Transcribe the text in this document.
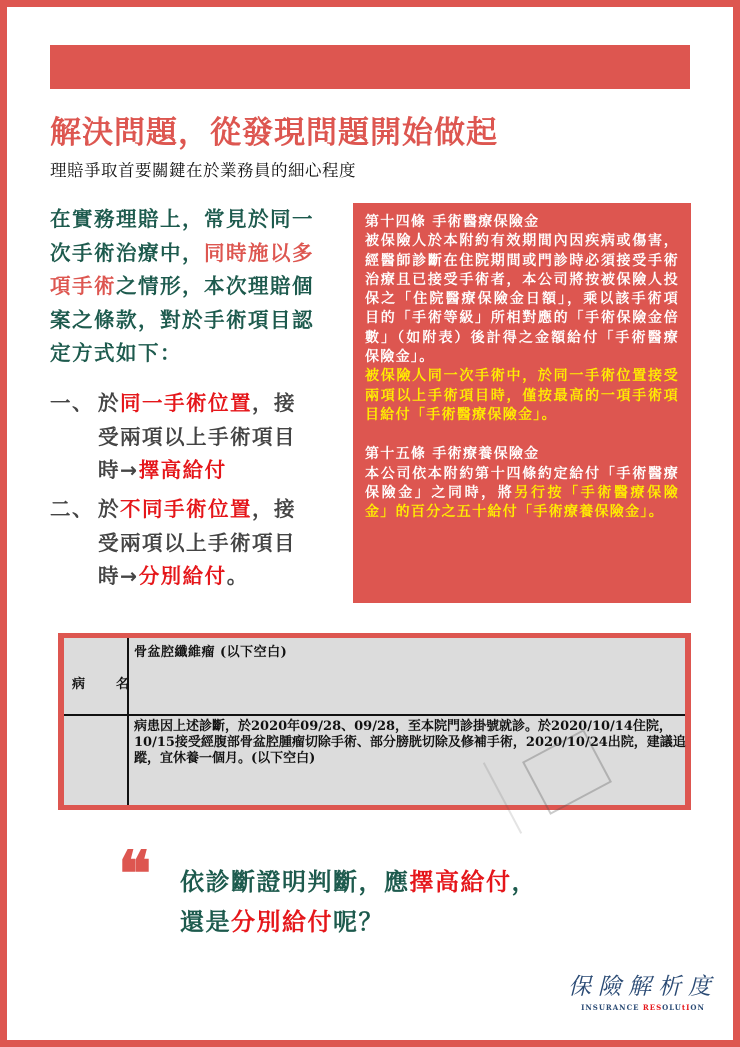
解決問題，從發現問題開始做起
理賠爭取首要關鍵在於業務員的細心程度
在實務理賠上，常見於同一次手術治療中，同時施以多項手術之情形，本次理賠個案之條款，對於手術項目認定方式如下：
一、 於同一手術位置，接
受兩項以上手術項目
時→擇高給付
二、 於不同手術位置，接
受兩項以上手術項目
時→分別給付。
第十四條 手術醫療保險金
被保險人於本附約有效期間內因疾病或傷害，經醫師診斷在住院期間或門診時必須接受手術治療且已接受手術者，本公司將按被保險人投保之「住院醫療保險金日額」，乘以該手術項目的「手術等級」所相對應的「手術保險金倍數」（如附表）後計得之金額給付「手術醫療保險金」。
被保險人同一次手術中，於同一手術位置接受兩項以上手術項目時，僅按最高的一項手術項目給付「手術醫療保險金」。
第十五條 手術療養保險金
本公司依本附約第十四條約定給付「手術醫療保險金」之同時，將另行按「手術醫療保險金」的百分之五十給付「手術療養保險金」。
病 名
骨盆腔纖維瘤 (以下空白)
病患因上述診斷，於2020年09/28、09/28，至本院門診掛號就診。於2020/10/14住院，10/15接受經腹部骨盆腔腫瘤切除手術、部分膀胱切除及修補手術，2020/10/24出院，建議追蹤，宜休養一個月。(以下空白)
❝ 依診斷證明判斷，應擇高給付，
還是分別給付呢？
保險解析度
INSURANCE RESOLUtION
